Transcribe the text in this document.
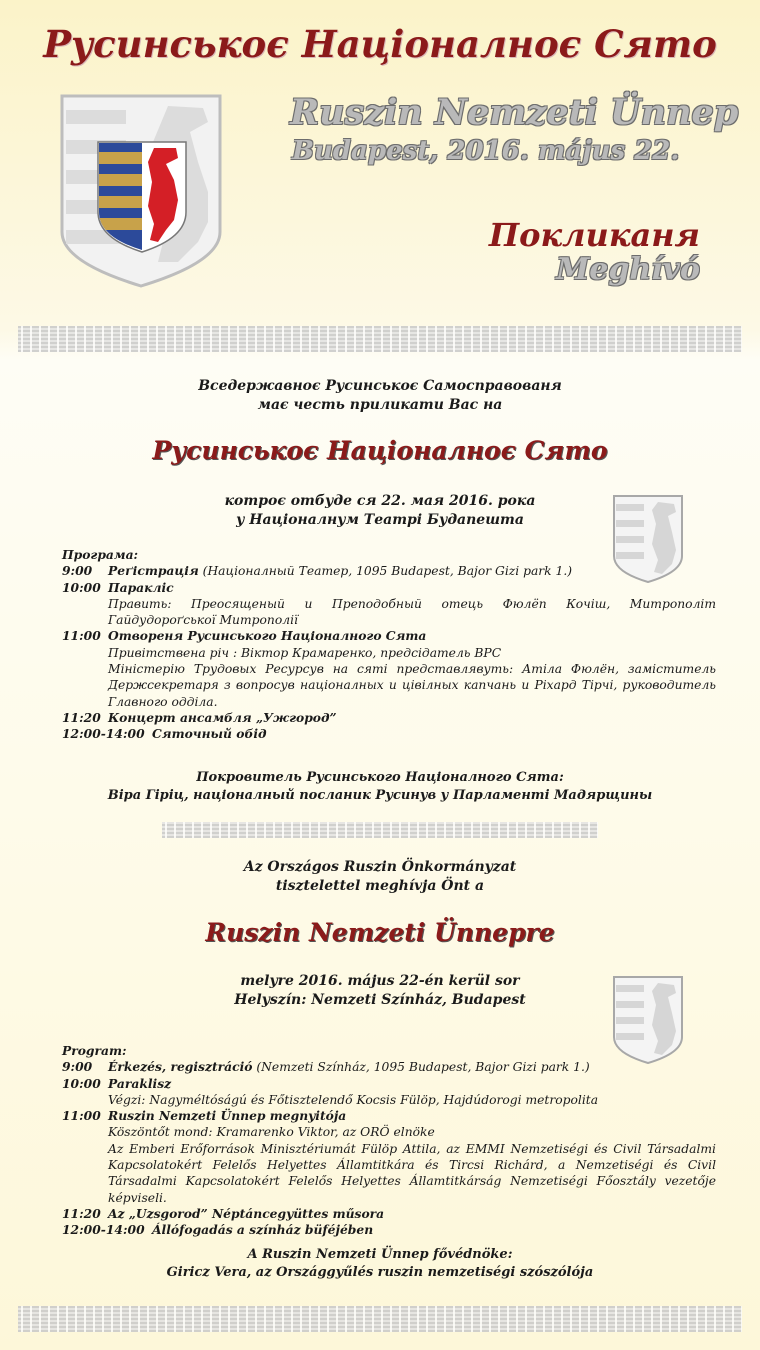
Русинськоє Націоналноє Сято
Ruszin Nemzeti Ünnep
Budapest, 2016. május 22.
Покликаня
Meghívó
Вседержавноє Русинськоє Самосправованя
має честь приликати Вас на
Русинськоє Націоналноє Сято
котроє отбуде ся 22. мая 2016. рока
у Націоналнум Театрі Будапешта
Програма:
9:00	Реґістрація (Націоналный Театер, 1095 Budapest, Bajor Gizi park 1.)
10:00 Параклiс
Править: Преосященый и Преподобный отець Фюлёп Кочiш, Митрополiт Гайдудороґської Митрополiї
11:00 Отвореня Русинського Націоналного Сята
Привiтствена рiч : Вiктор Крамаренко, предсiдатель ВРС
Мiнiстерiю Трудовых Ресурсув на сятi представлявуть: Атiла Фюлëн, замiститель Держсекретаря з вопросув націоналных и цiвiлных капчань и Рiхард Тiрчi, руководитель Главного оддiла.
11:20 Концерт ансамбля „Ужгород”
12:00-14:00 Сяточный обiд
Покровитель Русинського Націоналного Сята:
Вiра Гiрiц, націоналный посланик Русинув у Парламентi Мадярщины
Az Országos Ruszin Önkormányzat
tisztelettel meghívja Önt a
Ruszin Nemzeti Ünnepre
melyre 2016. május 22-én kerül sor
Helyszín: Nemzeti Színház, Budapest
Program:
9:00	Érkezés, regisztráció (Nemzeti Színház, 1095 Budapest, Bajor Gizi park 1.)
10:00 Paraklisz
Végzi: Nagyméltóságú és Főtisztelendő Kocsis Fülöp, Hajdúdorogi metropolita
11:00 Ruszin Nemzeti Ünnep megnyitója
Köszöntőt mond: Kramarenko Viktor, az ORÖ elnöke
Az Emberi Erőforrások Minisztériumát Fülöp Attila, az EMMI Nemzetiségi és Civil Társadalmi Kapcsolatokért Felelős Helyettes Államtitkára és Tircsi Richárd, a Nemzetiségi és Civil Társadalmi Kapcsolatokért Felelős Helyettes Államtitkárság Nemzetiségi Főosztály vezetője képviseli.
11:20 Az „Uzsgorod” Néptáncegyüttes műsora
12:00-14:00 Állófogadás a színház büféjében
A Ruszin Nemzeti Ünnep fővédnöke:
Giricz Vera, az Országgyűlés ruszin nemzetiségi szószólója
